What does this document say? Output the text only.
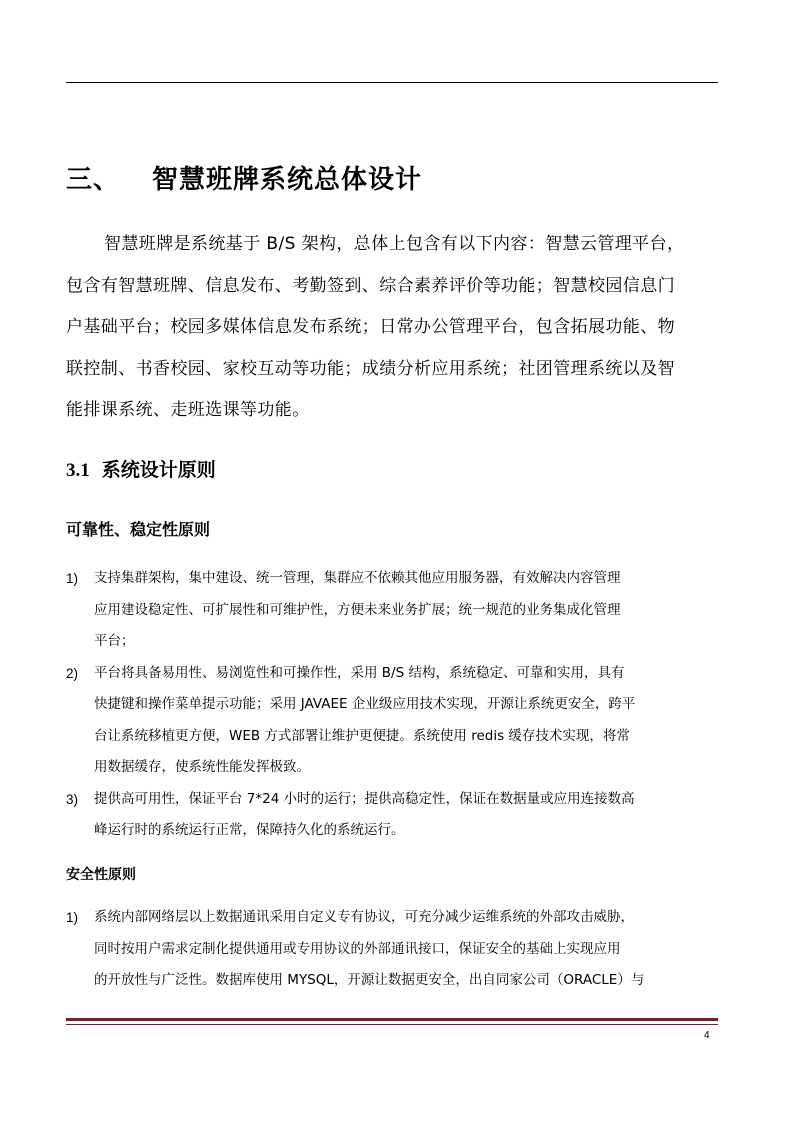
三、 智慧班牌系统总体设计
智慧班牌是系统基于 B/S 架构，总体上包含有以下内容：智慧云管理平台，
包含有智慧班牌、信息发布、考勤签到、综合素养评价等功能；智慧校园信息门
户基础平台；校园多媒体信息发布系统；日常办公管理平台，包含拓展功能、物
联控制、书香校园、家校互动等功能；成绩分析应用系统；社团管理系统以及智
能排课系统、走班选课等功能。
3.1 系统设计原则
可靠性、稳定性原则
1) 支持集群架构，集中建设、统一管理，集群应不依赖其他应用服务器，有效解决内容管理
应用建设稳定性、可扩展性和可维护性，方便未来业务扩展；统一规范的业务集成化管理
平台；
2) 平台将具备易用性、易浏览性和可操作性，采用 B/S 结构，系统稳定、可靠和实用，具有
快捷键和操作菜单提示功能；采用 JAVAEE 企业级应用技术实现，开源让系统更安全，跨平
台让系统移植更方便，WEB 方式部署让维护更便捷。系统使用 redis 缓存技术实现，将常
用数据缓存，使系统性能发挥极致。
3) 提供高可用性，保证平台 7*24 小时的运行；提供高稳定性，保证在数据量或应用连接数高
峰运行时的系统运行正常，保障持久化的系统运行。
安全性原则
1) 系统内部网络层以上数据通讯采用自定义专有协议，可充分减少运维系统的外部攻击威胁，
同时按用户需求定制化提供通用或专用协议的外部通讯接口，保证安全的基础上实现应用
的开放性与广泛性。数据库使用 MYSQL，开源让数据更安全，出自同家公司（ORACLE）与
4
